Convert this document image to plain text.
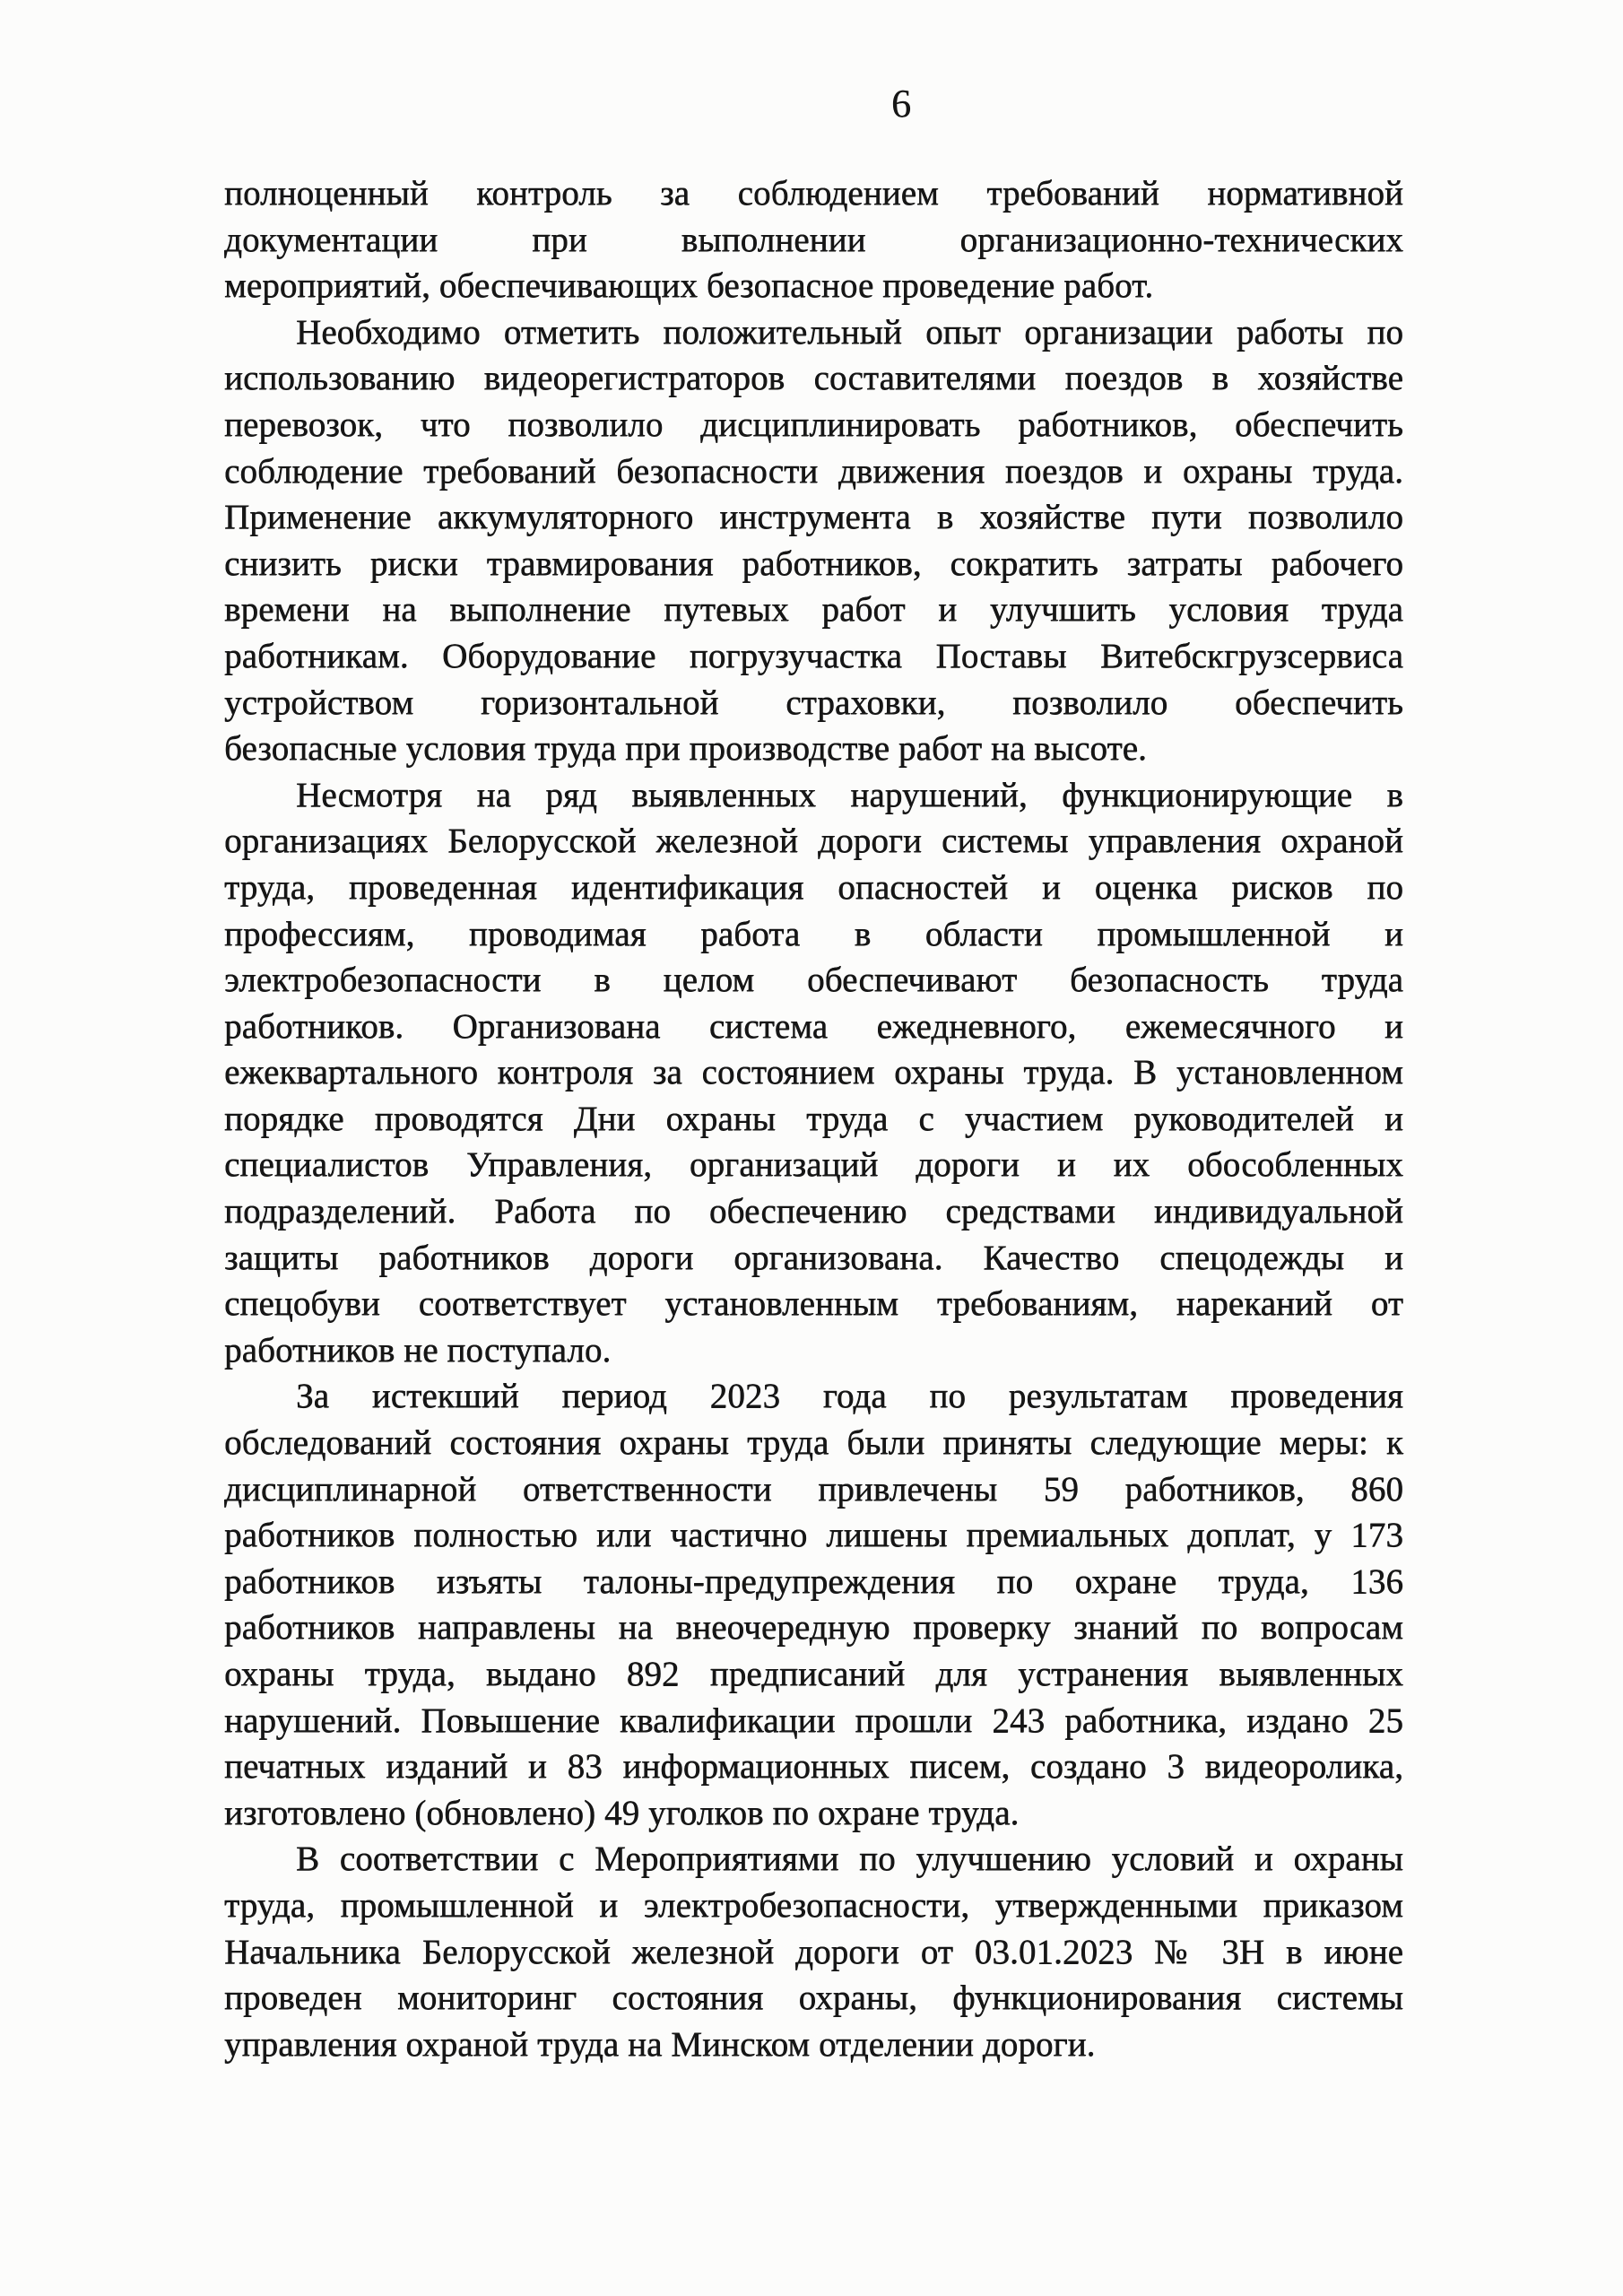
6

полноценный контроль за соблюдением требований нормативной
документации при выполнении организационно-технических
мероприятий, обеспечивающих безопасное проведение работ.

Необходимо отметить положительный опыт организации работы по
использованию видеорегистраторов составителями поездов в хозяйстве
перевозок, что позволило дисциплинировать работников, обеспечить
соблюдение требований безопасности движения поездов и охраны труда.
Применение аккумуляторного инструмента в хозяйстве пути позволило
снизить риски травмирования работников, сократить затраты рабочего
времени на выполнение путевых работ и улучшить условия труда
работникам. Оборудование погрузучастка Поставы Витебскгрузсервиса
устройством горизонтальной страховки, позволило обеспечить
безопасные условия труда при производстве работ на высоте.

Несмотря на ряд выявленных нарушений, функционирующие в
организациях Белорусской железной дороги системы управления охраной
труда, проведенная идентификация опасностей и оценка рисков по
профессиям, проводимая работа в области промышленной и
электробезопасности в целом обеспечивают безопасность труда
работников. Организована система ежедневного, ежемесячного и
ежеквартального контроля за состоянием охраны труда. В установленном
порядке проводятся Дни охраны труда с участием руководителей и
специалистов Управления, организаций дороги и их обособленных
подразделений. Работа по обеспечению средствами индивидуальной
защиты работников дороги организована. Качество спецодежды и
спецобуви соответствует установленным требованиям, нареканий от
работников не поступало.

За истекший период 2023 года по результатам проведения
обследований состояния охраны труда были приняты следующие меры: к
дисциплинарной ответственности привлечены 59 работников, 860
работников полностью или частично лишены премиальных доплат, у 173
работников изъяты талоны-предупреждения по охране труда, 136
работников направлены на внеочередную проверку знаний по вопросам
охраны труда, выдано 892 предписаний для устранения выявленных
нарушений. Повышение квалификации прошли 243 работника, издано 25
печатных изданий и 83 информационных писем, создано 3 видеоролика,
изготовлено (обновлено) 49 уголков по охране труда.

В соответствии с Мероприятиями по улучшению условий и охраны
труда, промышленной и электробезопасности, утвержденными приказом
Начальника Белорусской железной дороги от 03.01.2023 № 3Н в июне
проведен мониторинг состояния охраны, функционирования системы
управления охраной труда на Минском отделении дороги.
